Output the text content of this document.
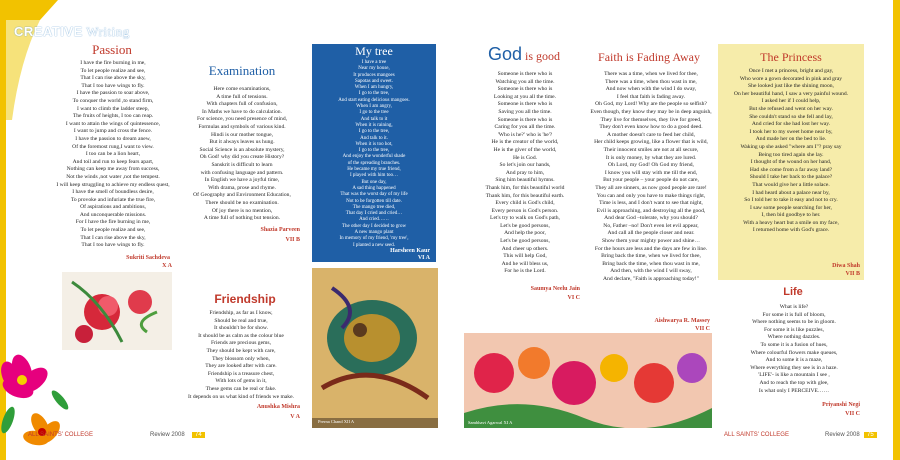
CREATIVE Writing
Passion
I have the fire burning in me,
To let people realize and see,
That I can rise above the sky,
That I too have wings to fly.
I have the passion to soar above,
To conquer the world ,to stand firm,
I want to climb the ladder steep,
The fruits of heights, I too can reap.
I want to attain the wings of quintessence,
I want to jump and cross the fence.
I have the passion to dream anew,
Of the foremost rung,I want to view.
I too can be a lion heart,
And toil and run to keep fears apart,
Nothing can keep me away from success,
Not the winds ,not water ,not the tempest.
I will keep struggling to achieve my endless quest,
I have the smell of boundless desire,
To provoke and infuriate the true fire,
Of aspirations and ambitions,
And unconquerable missions.
For I have the fire burning in me,
To let people realize and see,
That I can rise above the sky,
That I too have wings to fly.
Sukriti Sachdeva
X A
Examination
Here come examinations,
A time full of tensions.
With chapters full of confusion,
In Maths we have to do calculation.
For science, you need presence of mind,
Formulas and symbols of various kind.
Hindi is our mother tongue,
But it always leaves us hung.
Social Science is an absolute mystery,
Oh God! why did you create History?
Sanskrit is difficult to learn
with confusing language and pattern.
In English we have a joyful time,
With drama, prose and rhyme.
Of Geography and Environment Education,
There should be no examination.
Of joy there is no mention,
A time full of nothing but tension.
Shazia Parveen
VII B
Friendship
Friendship, as far as I know,
Should be real and true,
It shouldn't be for show.
It should be as calm as the colour blue
Friends are precious gems,
They should be kept with care,
They blossom only when,
They are looked after with care.
Friendship is a treasure chest,
With lots of gems in it,
These gems can be real or fake.
It depends on us what kind of friends we make.
Anushka Mishra
V A
My tree
I have a tree
Near my house,
It produces mangoes
Sapotas and sweet.
When I am hungry,
I go to the tree,
And start eating delicious mangoes.
When I am angry,
I go to the tree
And talk to it
When it is raining,
I go to the tree,
And talk to it.
When it is too hot,
I go to the tree,
And enjoy the wonderful shade
of the spreading branches.
He became my true friend,
I played with him too…
But one day,
A sad thing happened
That was the worst day of my life
Not to be forgotten till date.
The mango tree died,
That day I cried and cried…
And cried……
The other day I decided to grow
A new mango plant
In memory of my friend, 'my tree',
I planted a new seed.
Harsheen Kaur
VI A
Prerna Chand XII A
God is good
Someone is there who is
Watching you all the time.
Someone is there who is
Looking at you all the time.
Someone is there who is
Saving you all the time.
Someone is there who is
Caring for you all the time.
'Who is he?' who is 'he'?
He is the creator of the world,
He is the giver of the world,
He is God.
So let's join our hands,
And pray to him,
Sing him beautiful hymns.
Thank him, for this beautiful world
Thank him, for this beautiful earth.
Every child is God's child,
Every person is God's person.
Let's try to walk on God's path,
Let's be good persons,
And help the poor,
Let's be good persons,
And cheer up others.
This will help God,
And he will bless us,
For he is the Lord.
Saumya Neelu Jain
VI C
Faith is Fading Away
There was a time, when we lived for thee,
There was a time, when thou wast in me,
And now when with the wind I do sway,
I feel that faith is fading away.
Oh God, my Lord! Why are the people so selfish?
Even though, they know they may be in deep anguish,
They live for themselves, they live for greed,
They don't even know how to do a good deed.
A mother doesn't care to feed her child,
Her child keeps growing, like a flower that is wild,
Their innocent smiles are not at all secure,
It is only money, by what they are lured.
Oh Lord, my God! Oh God my friend,
I know you will stay with me till the end,
But your people – your people do not care,
They all are sinners, as now good people are rare!
You can and only you have to make things right,
Time is less, and I don't want to see that night,
Evil is approaching, and destroying all the good,
And dear God –tolerate, why you should?
No, Father –no! Don't even let evil appear,
And call all the people closer and near.
Show them your mighty power and shine…
For the hours are less and the days are few in line.
Bring back the time, when we lived for thee,
Bring back the time, when thou wast in me,
And then, with the wind I will sway,
And declare, "Faith is approaching today!"
Aishwarya R. Massey
VII C
Sambhavi Agarwal XI A
The Princess
Once I met a princess, bright and gay,
Who wore a gown decorated in pink and gray
She looked just like the shining moon,
On her beautiful hand, I saw a very painful wound.
I asked her if I could help,
But she refused and went on her way.
She couldn't stand so she fell and lay,
And cried for she had lost her way.
I took her to my sweet home near by,
And made her on the bed to lie.
Waking up she asked "where am I"? pray say
Being too tired again she lay.
I thought of the wound on her hand,
Had she come from a far away land?
Should I take her back to the palace?
That would give her a little solace.
I had heard about a palace near by,
So I told her to take it easy and not to cry.
I saw some people searching for her,
I, then bid goodbye to her.
With a heavy heart but a smile on my face,
I returned home with God's grace.
Diwa Shah
VII B
Life
What is life?
For some it is full of bloom,
Where nothing seems to be in gloom.
For some it is like puzzles,
Where nothing dazzles.
To some it is a fusion of hues,
Where colourful flowers make queues,
And to some it is a maze,
Where everything they see is in a haze.
'LIFE'- is like a mountain I see ,
And to reach the top with glee,
Is what only I PERCEIVE……
Priyanshi Negi
VII C
ALL SAINTS' COLLEGE	Review 2008	74	ALL SAINTS' COLLEGE	Review 2008	75
